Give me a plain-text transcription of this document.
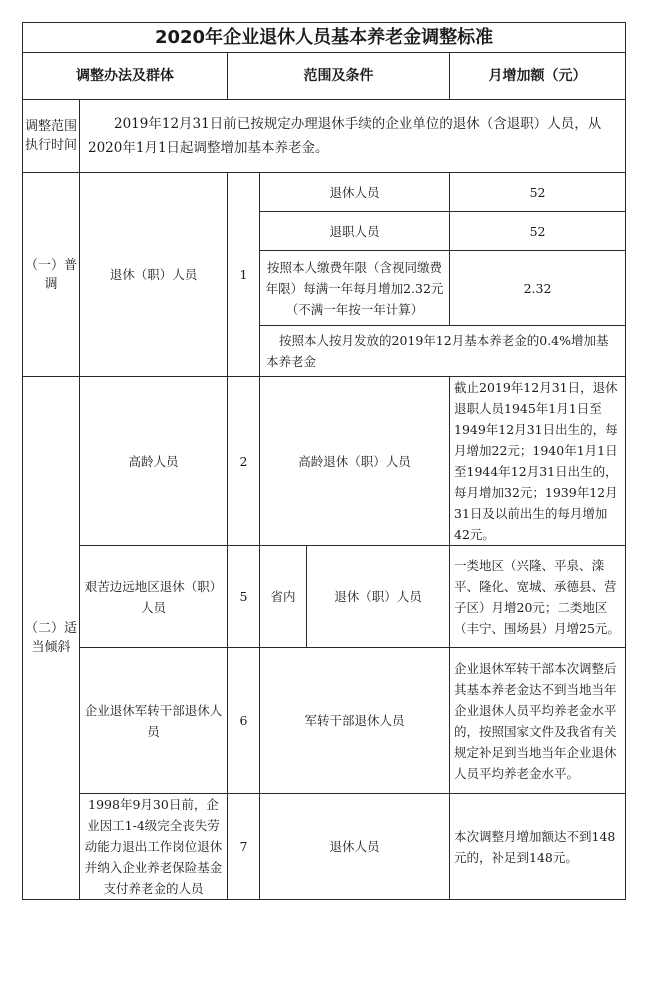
2020年企业退休人员基本养老金调整标准					
调整办法及群体		范围及条件			月增加额（元）
调整范围执行时间	2019年12月31日前已按规定办理退休手续的企业单位的退休（含退职）人员，从2020年1月1日起调整增加基本养老金。				
（一）普调	退休（职）人员	1	退休人员		52
			退职人员		52
			按照本人缴费年限（含视同缴费年限）每满一年每月增加2.32元（不满一年按一年计算）		2.32
			按照本人按月发放的2019年12月基本养老金的0.4%增加基本养老金		
（二）适当倾斜	高龄人员	2	高龄退休（职）人员		截止2019年12月31日，退休退职人员1945年1月1日至1949年12月31日出生的，每月增加22元；1940年1月1日至1944年12月31日出生的，每月增加32元；1939年12月31日及以前出生的每月增加42元。
	艰苦边远地区退休（职）人员	5	省内	退休（职）人员	一类地区（兴隆、平泉、滦平、隆化、宽城、承德县、营子区）月增20元；二类地区（丰宁、围场县）月增25元。
	企业退休军转干部退休人员	6	军转干部退休人员		企业退休军转干部本次调整后其基本养老金达不到当地当年企业退休人员平均养老金水平的，按照国家文件及我省有关规定补足到当地当年企业退休人员平均养老金水平。
	1998年9月30日前，企业因工1-4级完全丧失劳动能力退出工作岗位退休并纳入企业养老保险基金支付养老金的人员	7	退休人员		本次调整月增加额达不到148元的，补足到148元。
